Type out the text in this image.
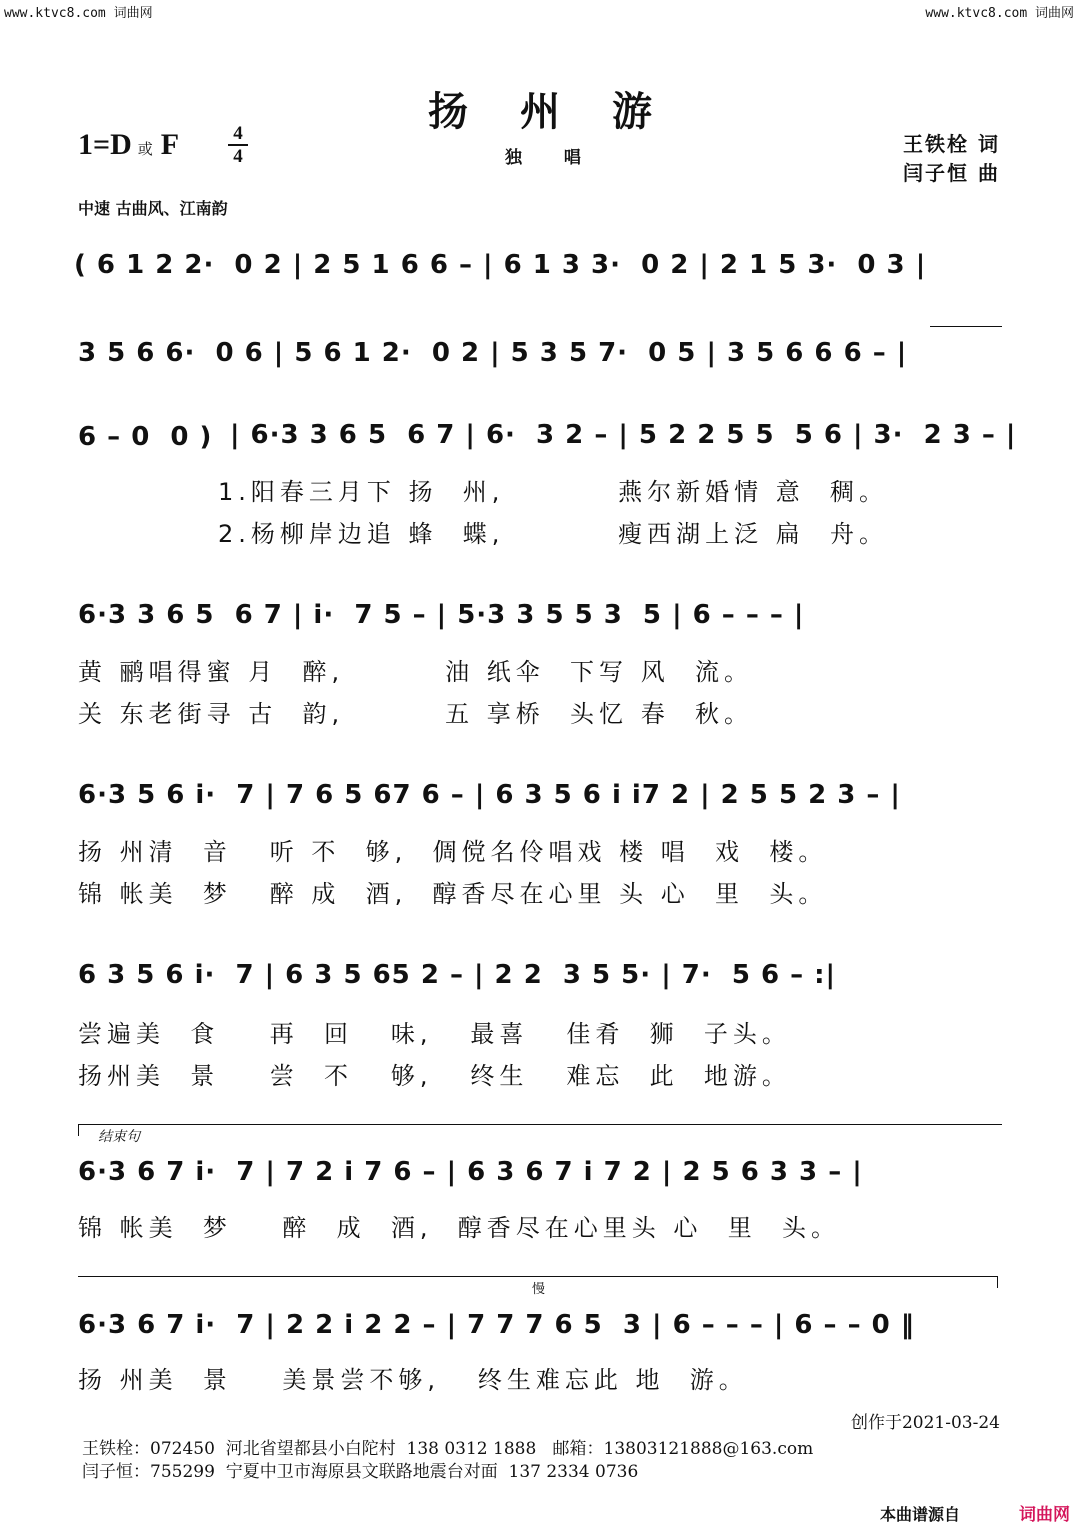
www.ktvc8.com 词曲网	www.ktvc8.com 词曲网
扬州游
1=D 或 F	4
4	独 唱
王铁栓 词
闫子恒 曲
中速 古曲风、江南韵
( 6 1 2 2·  0 2 | 2 5 1 6 6 – | 6 1 3 3·  0 2 | 2 1 5 3·  0 3 |
3 5 6 6·  0 6 | 5 6 1 2·  0 2 | 5 3 5 7·  0 5 | 3 5 6 6 6 – |
6 – 0  0 ) | 6·3 3 6 5  6 7 | 6·  3 2 – | 5 2 2 5 5  5 6 | 3·  2 3 – |
1.阳春三月下 扬  州,         燕尔新婚情 意  稠。
2.杨柳岸边追 蜂  蝶,         瘦西湖上泛 扁  舟。
6·3 3 6 5  6 7 | i·  7 5 – | 5·3 3 5 5 3  5 | 6 – – – |
黄 鹂唱得蜜 月  醉,        油 纸伞  下写 风  流。
关 东老街寻 古  韵,        五 享桥  头忆 春  秋。
6·3 5 6 i·  7 | 7 6 5 67 6 – | 6 3 5 6 i i7 2 | 2 5 5 2 3 – |
扬 州清  音   听 不  够,  倜傥名伶唱戏 楼 唱  戏  楼。
锦 帐美  梦   醉 成  酒,  醇香尽在心里 头 心  里  头。
6 3 5 6 i·  7 | 6 3 5 65 2 – | 2 2  3 5 5· | 7·  5 6 – :|
尝遍美  食    再  回   味,   最喜   佳肴  狮  子头。
扬州美  景    尝  不   够,   终生   难忘  此  地游。
结束句
6·3 6 7 i·  7 | 7 2 i 7 6 – | 6 3 6 7 i 7 2 | 2 5 6 3 3 – |
锦 帐美  梦    醉  成  酒,  醇香尽在心里头 心  里  头。
慢
6·3 6 7 i·  7 | 2 2 i 2 2 – | 7 7 7 6 5  3 | 6 – – – | 6 – – 0 ‖
扬 州美  景    美景尝不够,   终生难忘此 地  游。
创作于2021-03-24
王铁栓：072450  河北省望都县小白陀村  138 0312 1888   邮箱：13803121888@163.com
闫子恒：755299  宁夏中卫市海原县文联路地震台对面  137 2334 0736
本曲谱源自	词曲网
